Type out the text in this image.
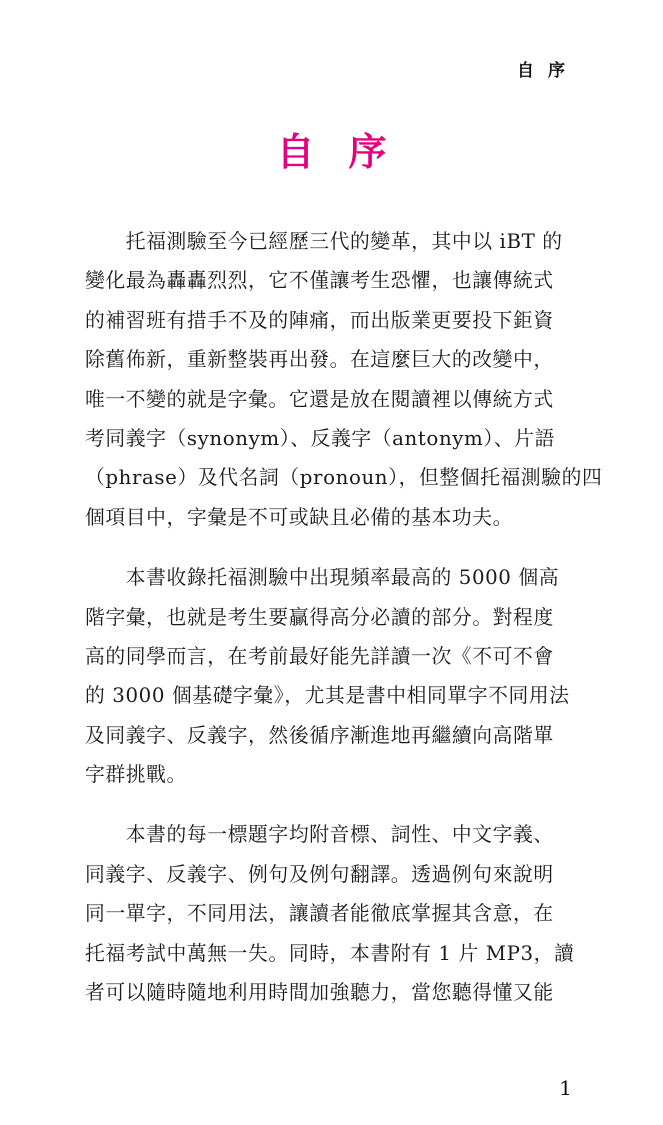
自序
自序
　　托福測驗至今已經歷三代的變革，其中以 iBT 的
變化最為轟轟烈烈，它不僅讓考生恐懼，也讓傳統式
的補習班有措手不及的陣痛，而出版業更要投下鉅資
除舊佈新，重新整裝再出發。在這麼巨大的改變中，
唯一不變的就是字彙。它還是放在閱讀裡以傳統方式
考同義字（synonym）、反義字（antonym）、片語
（phrase）及代名詞（pronoun），但整個托福測驗的四
個項目中，字彙是不可或缺且必備的基本功夫。
　　本書收錄托福測驗中出現頻率最高的 5000 個高
階字彙，也就是考生要贏得高分必讀的部分。對程度
高的同學而言，在考前最好能先詳讀一次《不可不會
的 3000 個基礎字彙》，尤其是書中相同單字不同用法
及同義字、反義字，然後循序漸進地再繼續向高階單
字群挑戰。
　　本書的每一標題字均附音標、詞性、中文字義、
同義字、反義字、例句及例句翻譯。透過例句來說明
同一單字，不同用法，讓讀者能徹底掌握其含意，在
托福考試中萬無一失。同時，本書附有 1 片 MP3，讀
者可以隨時隨地利用時間加強聽力，當您聽得懂又能
1
